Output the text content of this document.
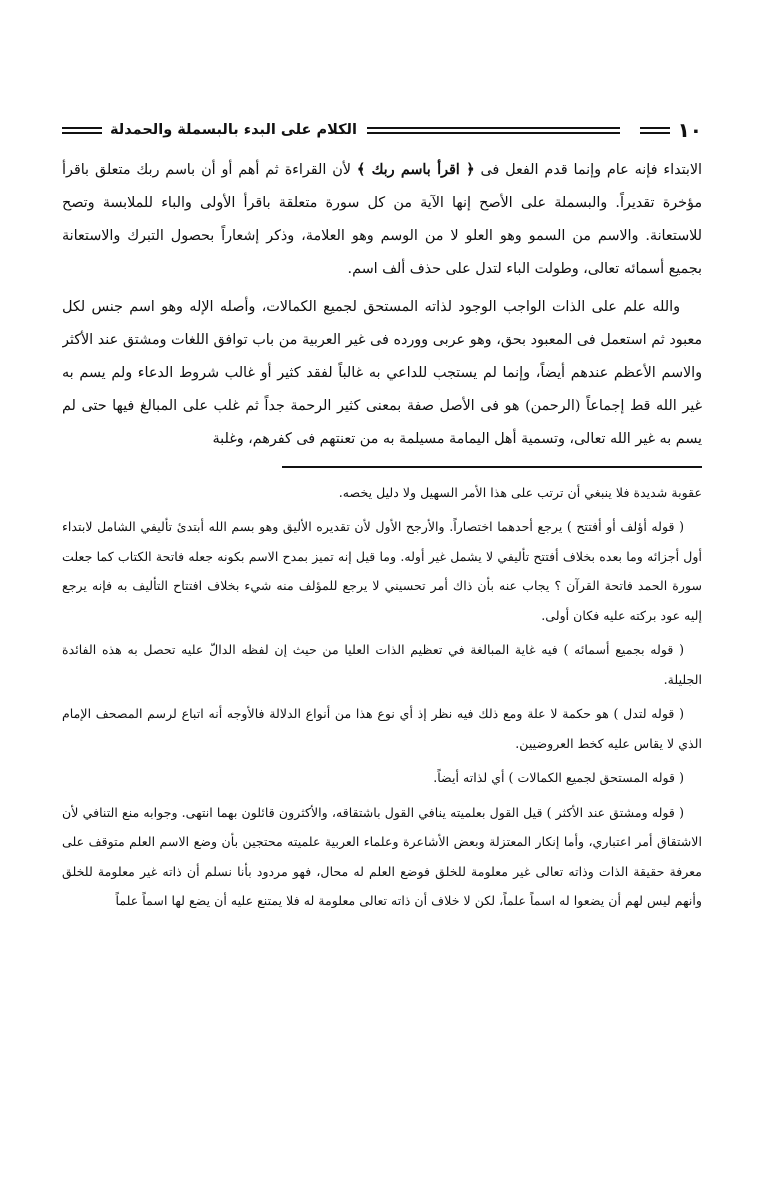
١٠
الكلام على البدء بالبسملة والحمدلة

الابتداء فإنه عام وإنما قدم الفعل فى ﴿ اقرأ باسم ربك ﴾ لأن القراءة ثم أهم أو أن باسم ربك متعلق باقرأ مؤخرة تقديراً. والبسملة على الأصح إنها الآية من كل سورة متعلقة باقرأ الأولى والباء للملابسة وتصح للاستعانة. والاسم من السمو وهو العلو لا من الوسم وهو العلامة، وذكر إشعاراً بحصول التبرك والاستعانة بجميع أسمائه تعالى، وطولت الباء لتدل على حذف ألف اسم.

والله علم على الذات الواجب الوجود لذاته المستحق لجميع الكمالات، وأصله الإله وهو اسم جنس لكل معبود ثم استعمل فى المعبود بحق، وهو عربى وورده فى غير العربية من باب توافق اللغات ومشتق عند الأكثر والاسم الأعظم عندهم أيضاً، وإنما لم يستجب للداعي به غالباً لفقد كثير أو غالب شروط الدعاء ولم يسم به غير الله قط إجماعاً (الرحمن) هو فى الأصل صفة بمعنى كثير الرحمة جداً ثم غلب على المبالغ فيها حتى لم يسم به غير الله تعالى، وتسمية أهل اليمامة مسيلمة به من تعنتهم فى كفرهم، وغلبة

عقوبة شديدة فلا ينبغي أن ترتب على هذا الأمر السهيل ولا دليل يخصه.

( قوله أؤلف أو أفتتح ) يرجع أحدهما اختصاراً. والأرجح الأول لأن تقديره الأليق وهو بسم الله أبتدئ تأليفي الشامل لابتداء أول أجزائه وما بعده بخلاف أفتتح تأليفي لا يشمل غير أوله. وما قيل إنه تميز بمدح الاسم بكونه جعله فاتحة الكتاب كما جعلت سورة الحمد فاتحة القرآن ؟ يجاب عنه بأن ذاك أمر تحسيني لا يرجع للمؤلف منه شيء بخلاف افتتاح التأليف به فإنه يرجع إليه عود بركته عليه فكان أولى.

( قوله بجميع أسمائه ) فيه غاية المبالغة في تعظيم الذات العليا من حيث إن لفظه الدالّ عليه تحصل به هذه الفائدة الجليلة.

( قوله لتدل ) هو حكمة لا علة ومع ذلك فيه نظر إذ أي نوع هذا من أنواع الدلالة فالأوجه أنه اتباع لرسم المصحف الإمام الذي لا يقاس عليه كخط العروضيين.

( قوله المستحق لجميع الكمالات ) أي لذاته أيضاً.

( قوله ومشتق عند الأكثر ) قيل القول بعلميته ينافي القول باشتقاقه، والأكثرون قائلون بهما انتهى. وجوابه منع التنافي لأن الاشتقاق أمر اعتباري، وأما إنكار المعتزلة وبعض الأشاعرة وعلماء العربية علميته محتجين بأن وضع الاسم العلم متوقف على معرفة حقيقة الذات وذاته تعالى غير معلومة للخلق فوضع العلم له محال، فهو مردود بأنا نسلم أن ذاته غير معلومة للخلق وأنهم ليس لهم أن يضعوا له اسماً علماً، لكن لا خلاف أن ذاته تعالى معلومة له فلا يمتنع عليه أن يضع لها اسماً علماً
